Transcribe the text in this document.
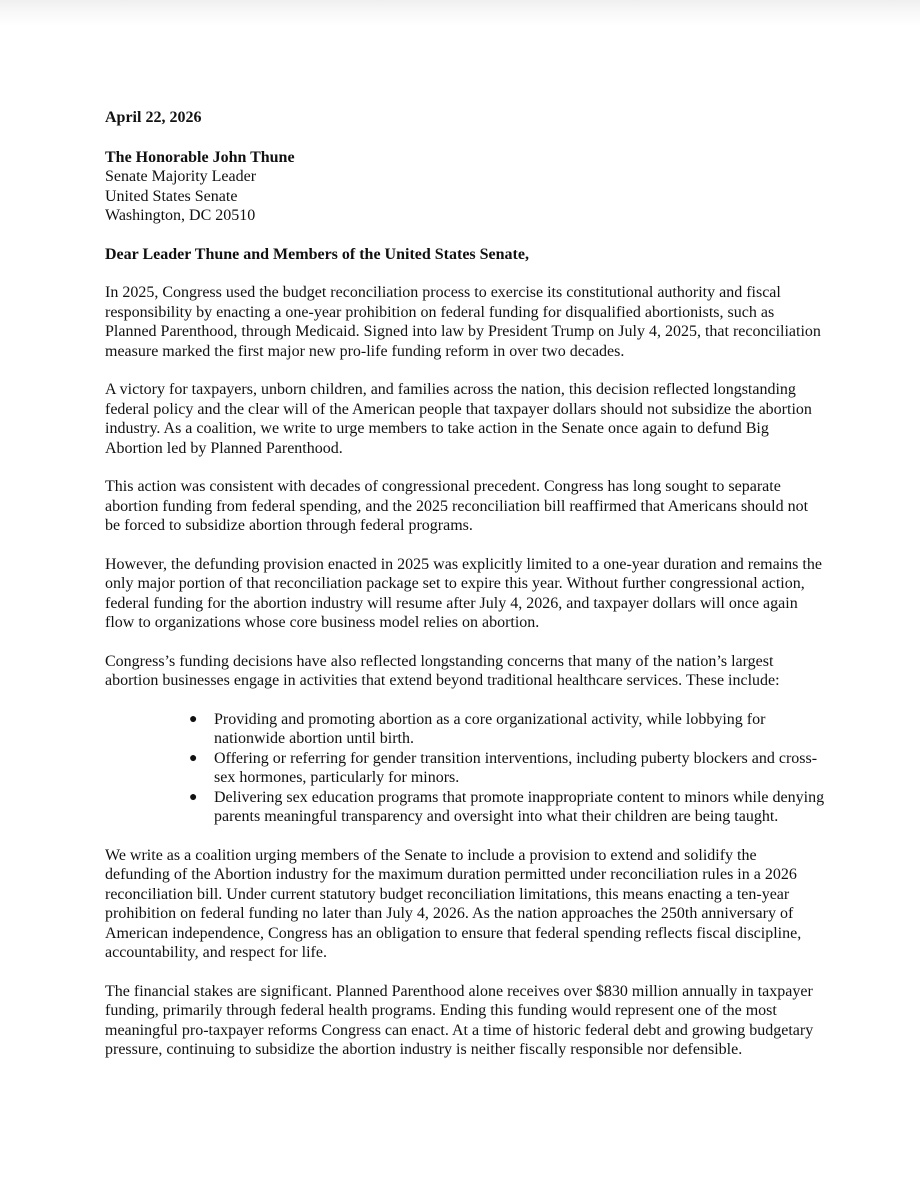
April 22, 2026
The Honorable John Thune
Senate Majority Leader
United States Senate
Washington, DC 20510
Dear Leader Thune and Members of the United States Senate,

In 2025, Congress used the budget reconciliation process to exercise its constitutional authority and fiscal responsibility by enacting a one-year prohibition on federal funding for disqualified abortionists, such as Planned Parenthood, through Medicaid. Signed into law by President Trump on July 4, 2025, that reconciliation measure marked the first major new pro-life funding reform in over two decades.

A victory for taxpayers, unborn children, and families across the nation, this decision reflected longstanding federal policy and the clear will of the American people that taxpayer dollars should not subsidize the abortion industry. As a coalition, we write to urge members to take action in the Senate once again to defund Big Abortion led by Planned Parenthood.

This action was consistent with decades of congressional precedent. Congress has long sought to separate abortion funding from federal spending, and the 2025 reconciliation bill reaffirmed that Americans should not be forced to subsidize abortion through federal programs.

However, the defunding provision enacted in 2025 was explicitly limited to a one-year duration and remains the only major portion of that reconciliation package set to expire this year. Without further congressional action, federal funding for the abortion industry will resume after July 4, 2026, and taxpayer dollars will once again flow to organizations whose core business model relies on abortion.

Congress’s funding decisions have also reflected longstanding concerns that many of the nation’s largest abortion businesses engage in activities that extend beyond traditional healthcare services. These include:

● Providing and promoting abortion as a core organizational activity, while lobbying for nationwide abortion until birth.
● Offering or referring for gender transition interventions, including puberty blockers and cross-sex hormones, particularly for minors.
● Delivering sex education programs that promote inappropriate content to minors while denying parents meaningful transparency and oversight into what their children are being taught.

We write as a coalition urging members of the Senate to include a provision to extend and solidify the defunding of the Abortion industry for the maximum duration permitted under reconciliation rules in a 2026 reconciliation bill. Under current statutory budget reconciliation limitations, this means enacting a ten-year prohibition on federal funding no later than July 4, 2026. As the nation approaches the 250th anniversary of American independence, Congress has an obligation to ensure that federal spending reflects fiscal discipline, accountability, and respect for life.

The financial stakes are significant. Planned Parenthood alone receives over $830 million annually in taxpayer funding, primarily through federal health programs. Ending this funding would represent one of the most meaningful pro-taxpayer reforms Congress can enact. At a time of historic federal debt and growing budgetary pressure, continuing to subsidize the abortion industry is neither fiscally responsible nor defensible.
